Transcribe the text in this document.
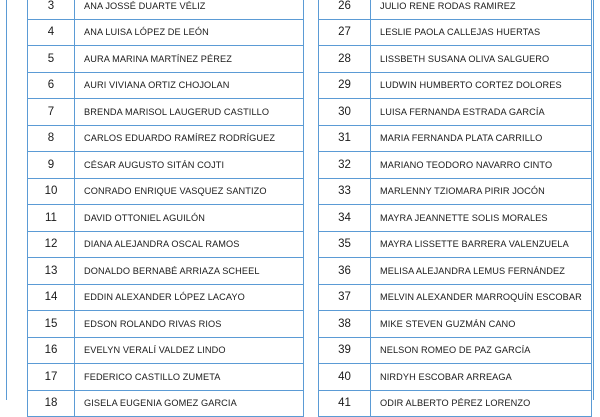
3	ANA JOSSÉ DUARTE VÉLIZ
4	ANA LUISA LÓPEZ DE LEÓN
5	AURA MARINA MARTÍNEZ PÉREZ
6	AURI VIVIANA ORTIZ CHOJOLAN
7	BRENDA MARISOL LAUGERUD CASTILLO
8	CARLOS EDUARDO RAMÍREZ RODRÍGUEZ
9	CÉSAR AUGUSTO SITÁN COJTI
10	CONRADO ENRIQUE VASQUEZ SANTIZO
11	DAVID OTTONIEL AGUILÓN
12	DIANA ALEJANDRA OSCAL RAMOS
13	DONALDO BERNABÉ ARRIAZA SCHEEL
14	EDDIN ALEXANDER LÓPEZ LACAYO
15	EDSON ROLANDO RIVAS RIOS
16	EVELYN VERALÍ VALDEZ LINDO
17	FEDERICO CASTILLO ZUMETA
18	GISELA EUGENIA GOMEZ GARCIA
26	JULIO RENE RODAS RAMIREZ
27	LESLIE PAOLA CALLEJAS HUERTAS
28	LISSBETH SUSANA OLIVA SALGUERO
29	LUDWIN HUMBERTO CORTEZ DOLORES
30	LUISA FERNANDA ESTRADA GARCÍA
31	MARIA FERNANDA PLATA CARRILLO
32	MARIANO TEODORO NAVARRO CINTO
33	MARLENNY TZIOMARA PIRIR JOCÓN
34	MAYRA JEANNETTE SOLIS MORALES
35	MAYRA LISSETTE BARRERA VALENZUELA
36	MELISA ALEJANDRA LEMUS FERNÁNDEZ
37	MELVIN ALEXANDER MARROQUÍN ESCOBAR
38	MIKE STEVEN GUZMÁN CANO
39	NELSON ROMEO DE PAZ GARCÍA
40	NIRDYH ESCOBAR ARREAGA
41	ODIR ALBERTO PÉREZ LORENZO
